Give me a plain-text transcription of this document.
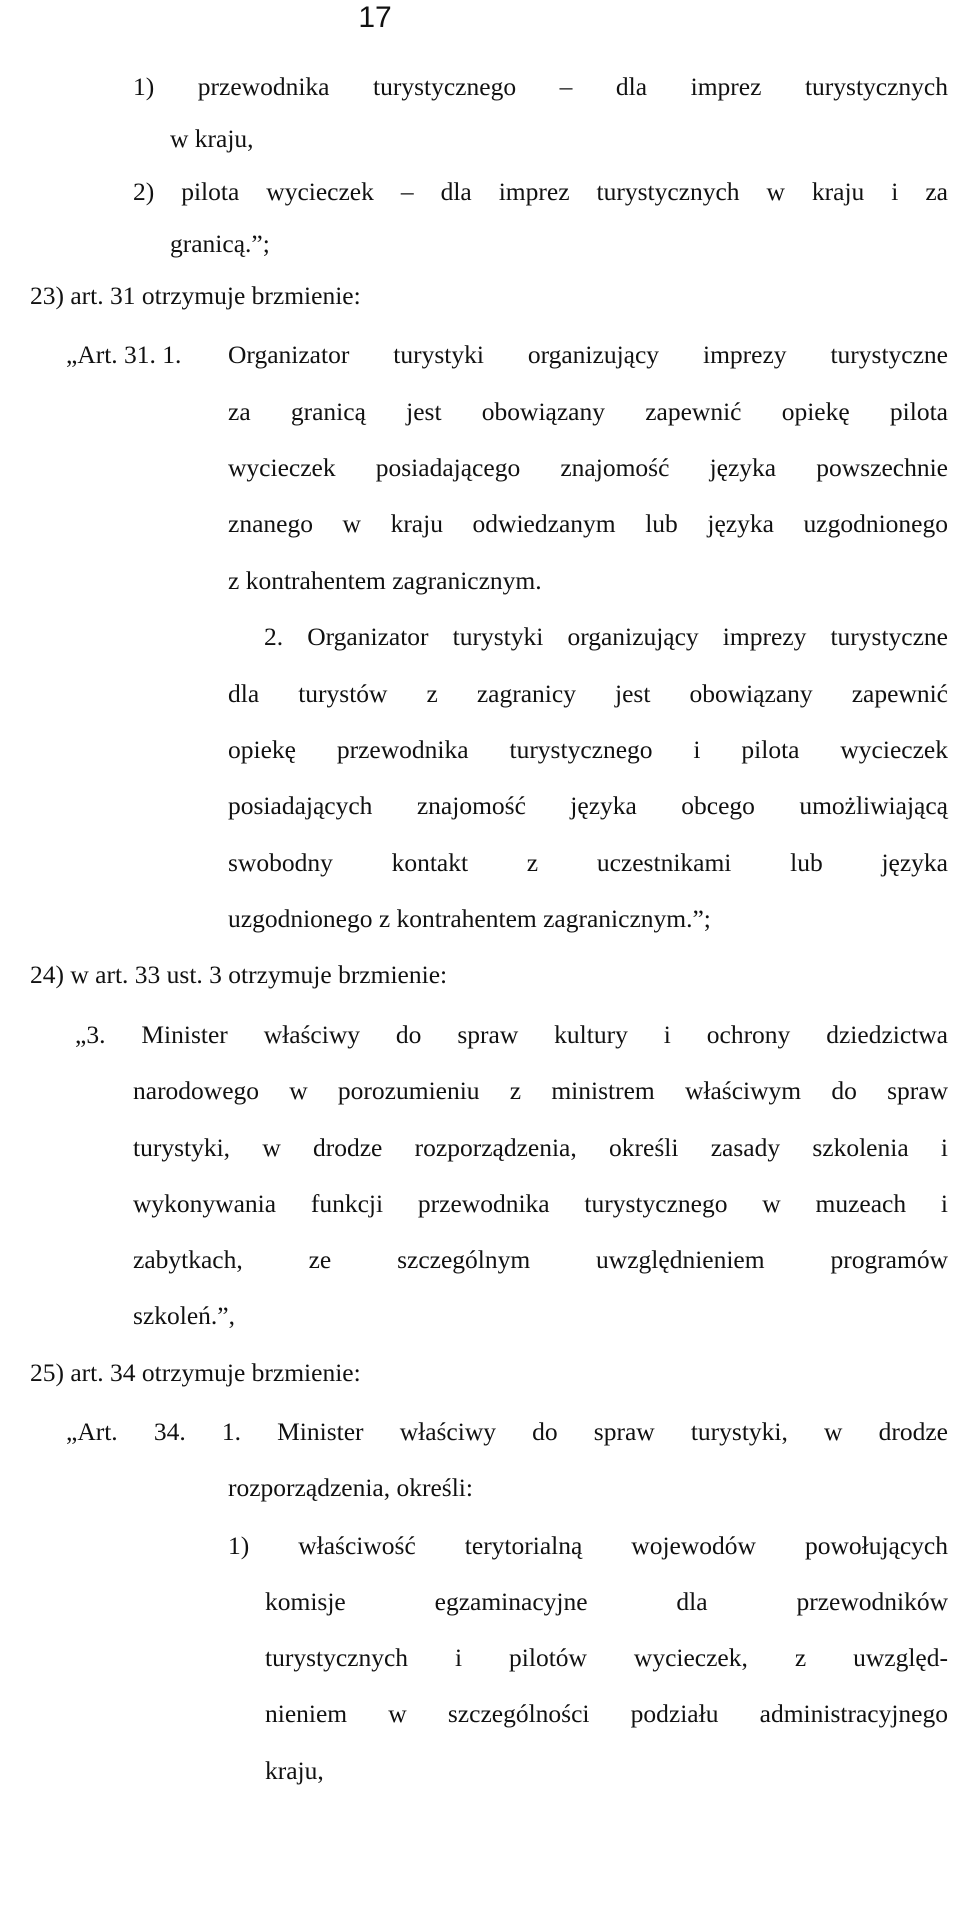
17
1) przewodnika turystycznego – dla imprez turystycznych
w kraju,
2) pilota wycieczek – dla imprez turystycznych w kraju i za
granicą.”;
23) art. 31 otrzymuje brzmienie:
„Art. 31. 1. Organizator turystyki organizujący imprezy turystyczne
za granicą jest obowiązany zapewnić opiekę pilota
wycieczek posiadającego znajomość języka powszechnie
znanego w kraju odwiedzanym lub języka uzgodnionego
z kontrahentem zagranicznym.
2. Organizator turystyki organizujący imprezy turystyczne
dla turystów z zagranicy jest obowiązany zapewnić
opiekę przewodnika turystycznego i pilota wycieczek
posiadających znajomość języka obcego umożliwiającą
swobodny kontakt z uczestnikami lub języka
uzgodnionego z kontrahentem zagranicznym.”;
24) w art. 33 ust. 3 otrzymuje brzmienie:
„3. Minister właściwy do spraw kultury i ochrony dziedzictwa
narodowego w porozumieniu z ministrem właściwym do spraw
turystyki, w drodze rozporządzenia, określi zasady szkolenia i
wykonywania funkcji przewodnika turystycznego w muzeach i
zabytkach, ze szczególnym uwzględnieniem programów
szkoleń.”,
25) art. 34 otrzymuje brzmienie:
„Art. 34. 1. Minister właściwy do spraw turystyki, w drodze
rozporządzenia, określi:
1) właściwość terytorialną wojewodów powołujących
komisje egzaminacyjne dla przewodników
turystycznych i pilotów wycieczek, z uwzględ-
nieniem w szczególności podziału administracyjnego
kraju,
